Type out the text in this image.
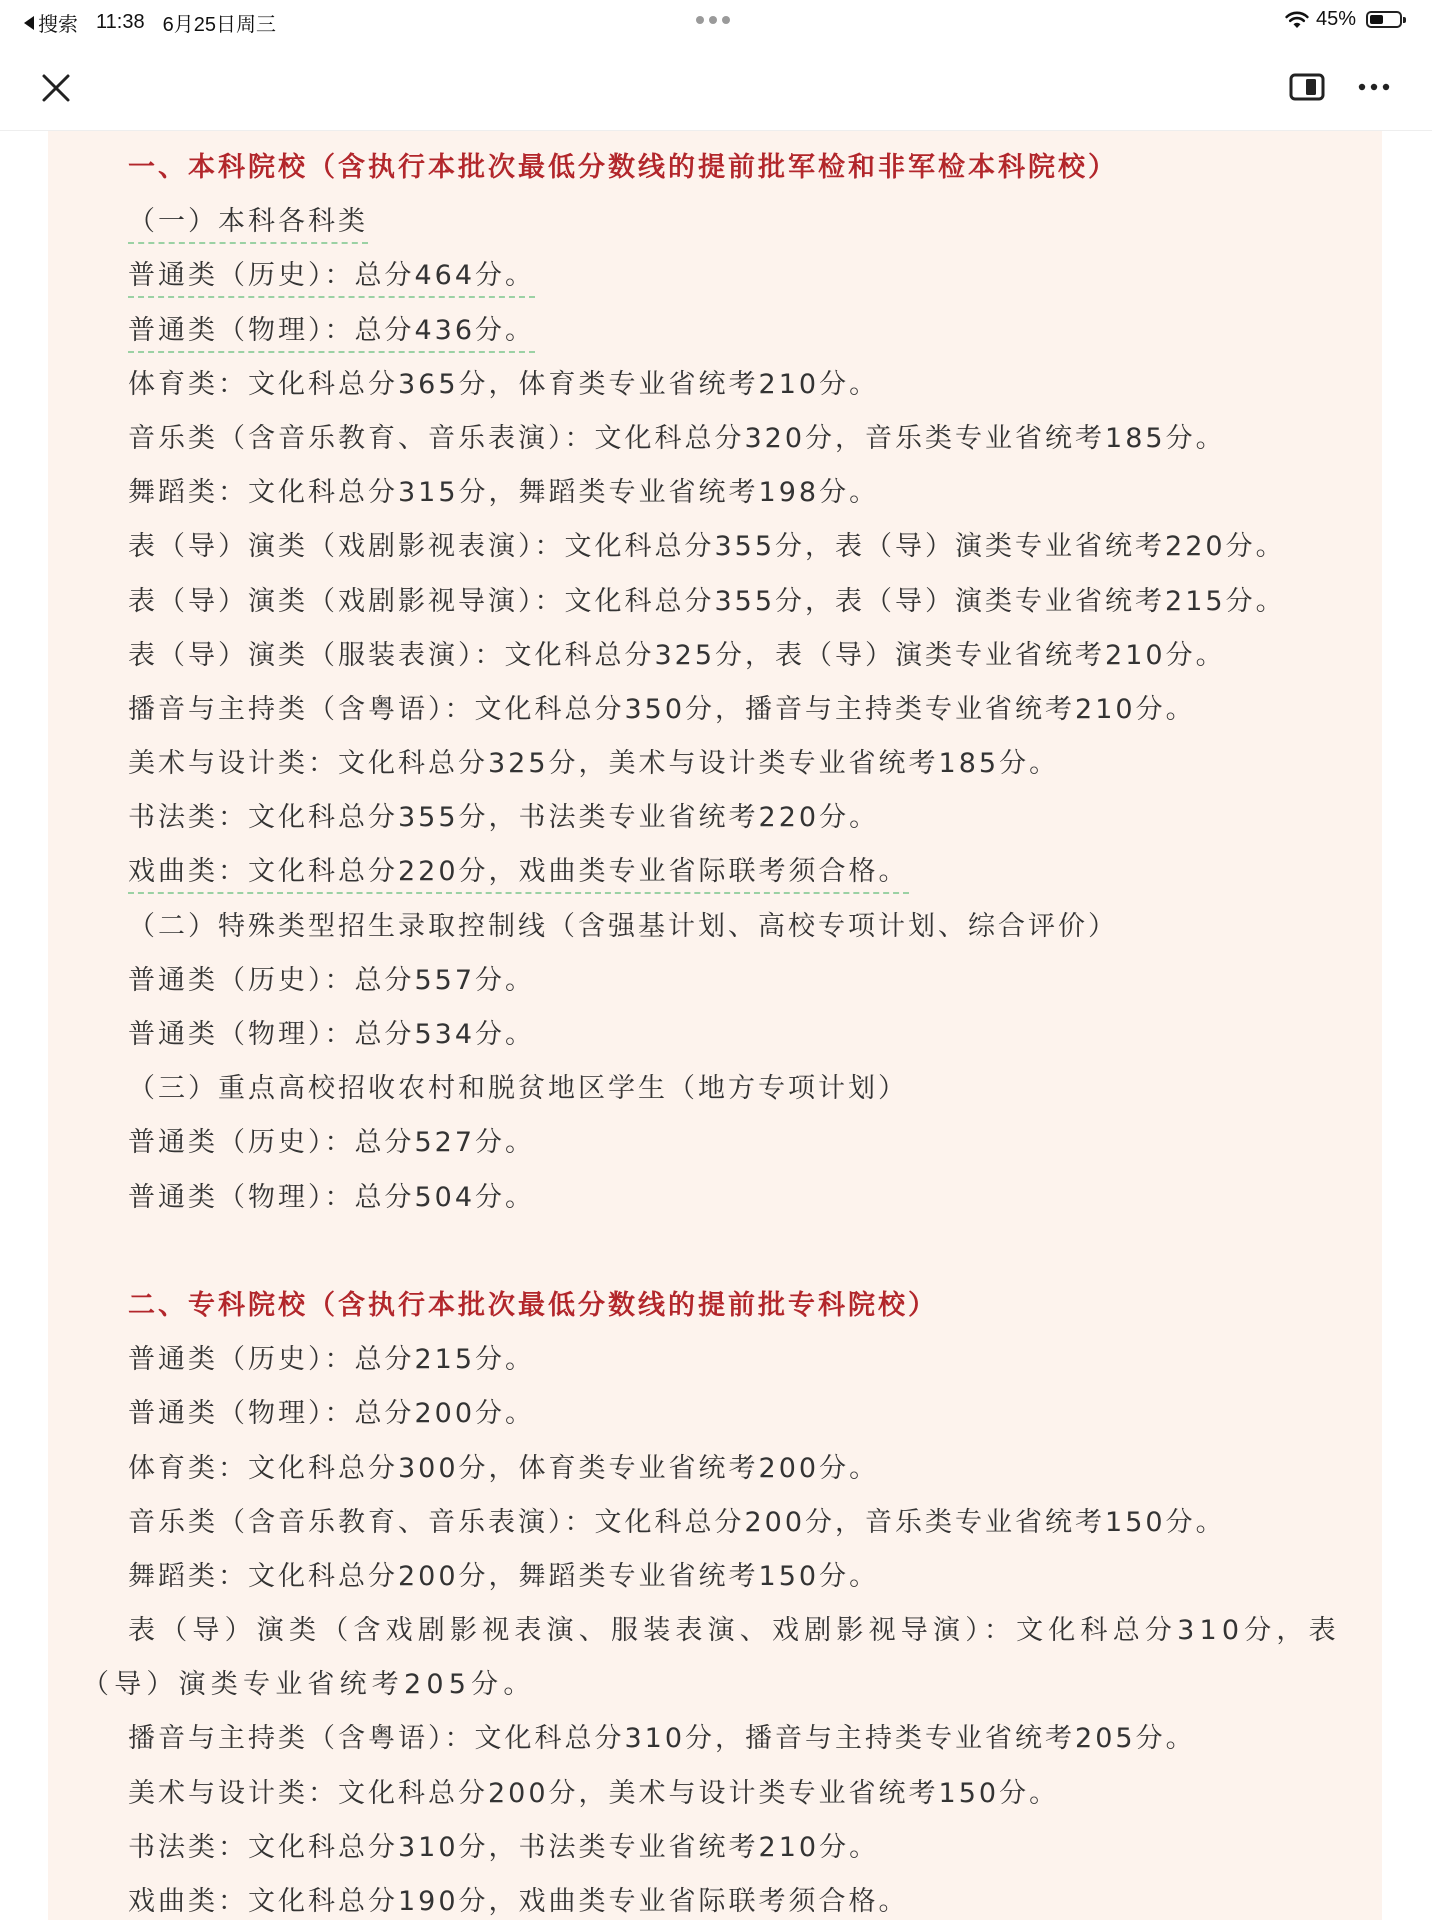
搜索 11:38 6月25日周三	45%
一、本科院校（含执行本批次最低分数线的提前批军检和非军检本科院校）
（一）本科各科类
普通类（历史）：总分464分。
普通类（物理）：总分436分。
体育类：文化科总分365分，体育类专业省统考210分。
音乐类（含音乐教育、音乐表演）：文化科总分320分，音乐类专业省统考185分。
舞蹈类：文化科总分315分，舞蹈类专业省统考198分。
表（导）演类（戏剧影视表演）：文化科总分355分，表（导）演类专业省统考220分。
表（导）演类（戏剧影视导演）：文化科总分355分，表（导）演类专业省统考215分。
表（导）演类（服装表演）：文化科总分325分，表（导）演类专业省统考210分。
播音与主持类（含粤语）：文化科总分350分，播音与主持类专业省统考210分。
美术与设计类：文化科总分325分，美术与设计类专业省统考185分。
书法类：文化科总分355分，书法类专业省统考220分。
戏曲类：文化科总分220分，戏曲类专业省际联考须合格。
（二）特殊类型招生录取控制线（含强基计划、高校专项计划、综合评价）
普通类（历史）：总分557分。
普通类（物理）：总分534分。
（三）重点高校招收农村和脱贫地区学生（地方专项计划）
普通类（历史）：总分527分。
普通类（物理）：总分504分。
二、专科院校（含执行本批次最低分数线的提前批专科院校）
普通类（历史）：总分215分。
普通类（物理）：总分200分。
体育类：文化科总分300分，体育类专业省统考200分。
音乐类（含音乐教育、音乐表演）：文化科总分200分，音乐类专业省统考150分。
舞蹈类：文化科总分200分，舞蹈类专业省统考150分。
表（导）演类（含戏剧影视表演、服装表演、戏剧影视导演）：文化科总分310分，表（导）演类专业省统考205分。
播音与主持类（含粤语）：文化科总分310分，播音与主持类专业省统考205分。
美术与设计类：文化科总分200分，美术与设计类专业省统考150分。
书法类：文化科总分310分，书法类专业省统考210分。
戏曲类：文化科总分190分，戏曲类专业省际联考须合格。
